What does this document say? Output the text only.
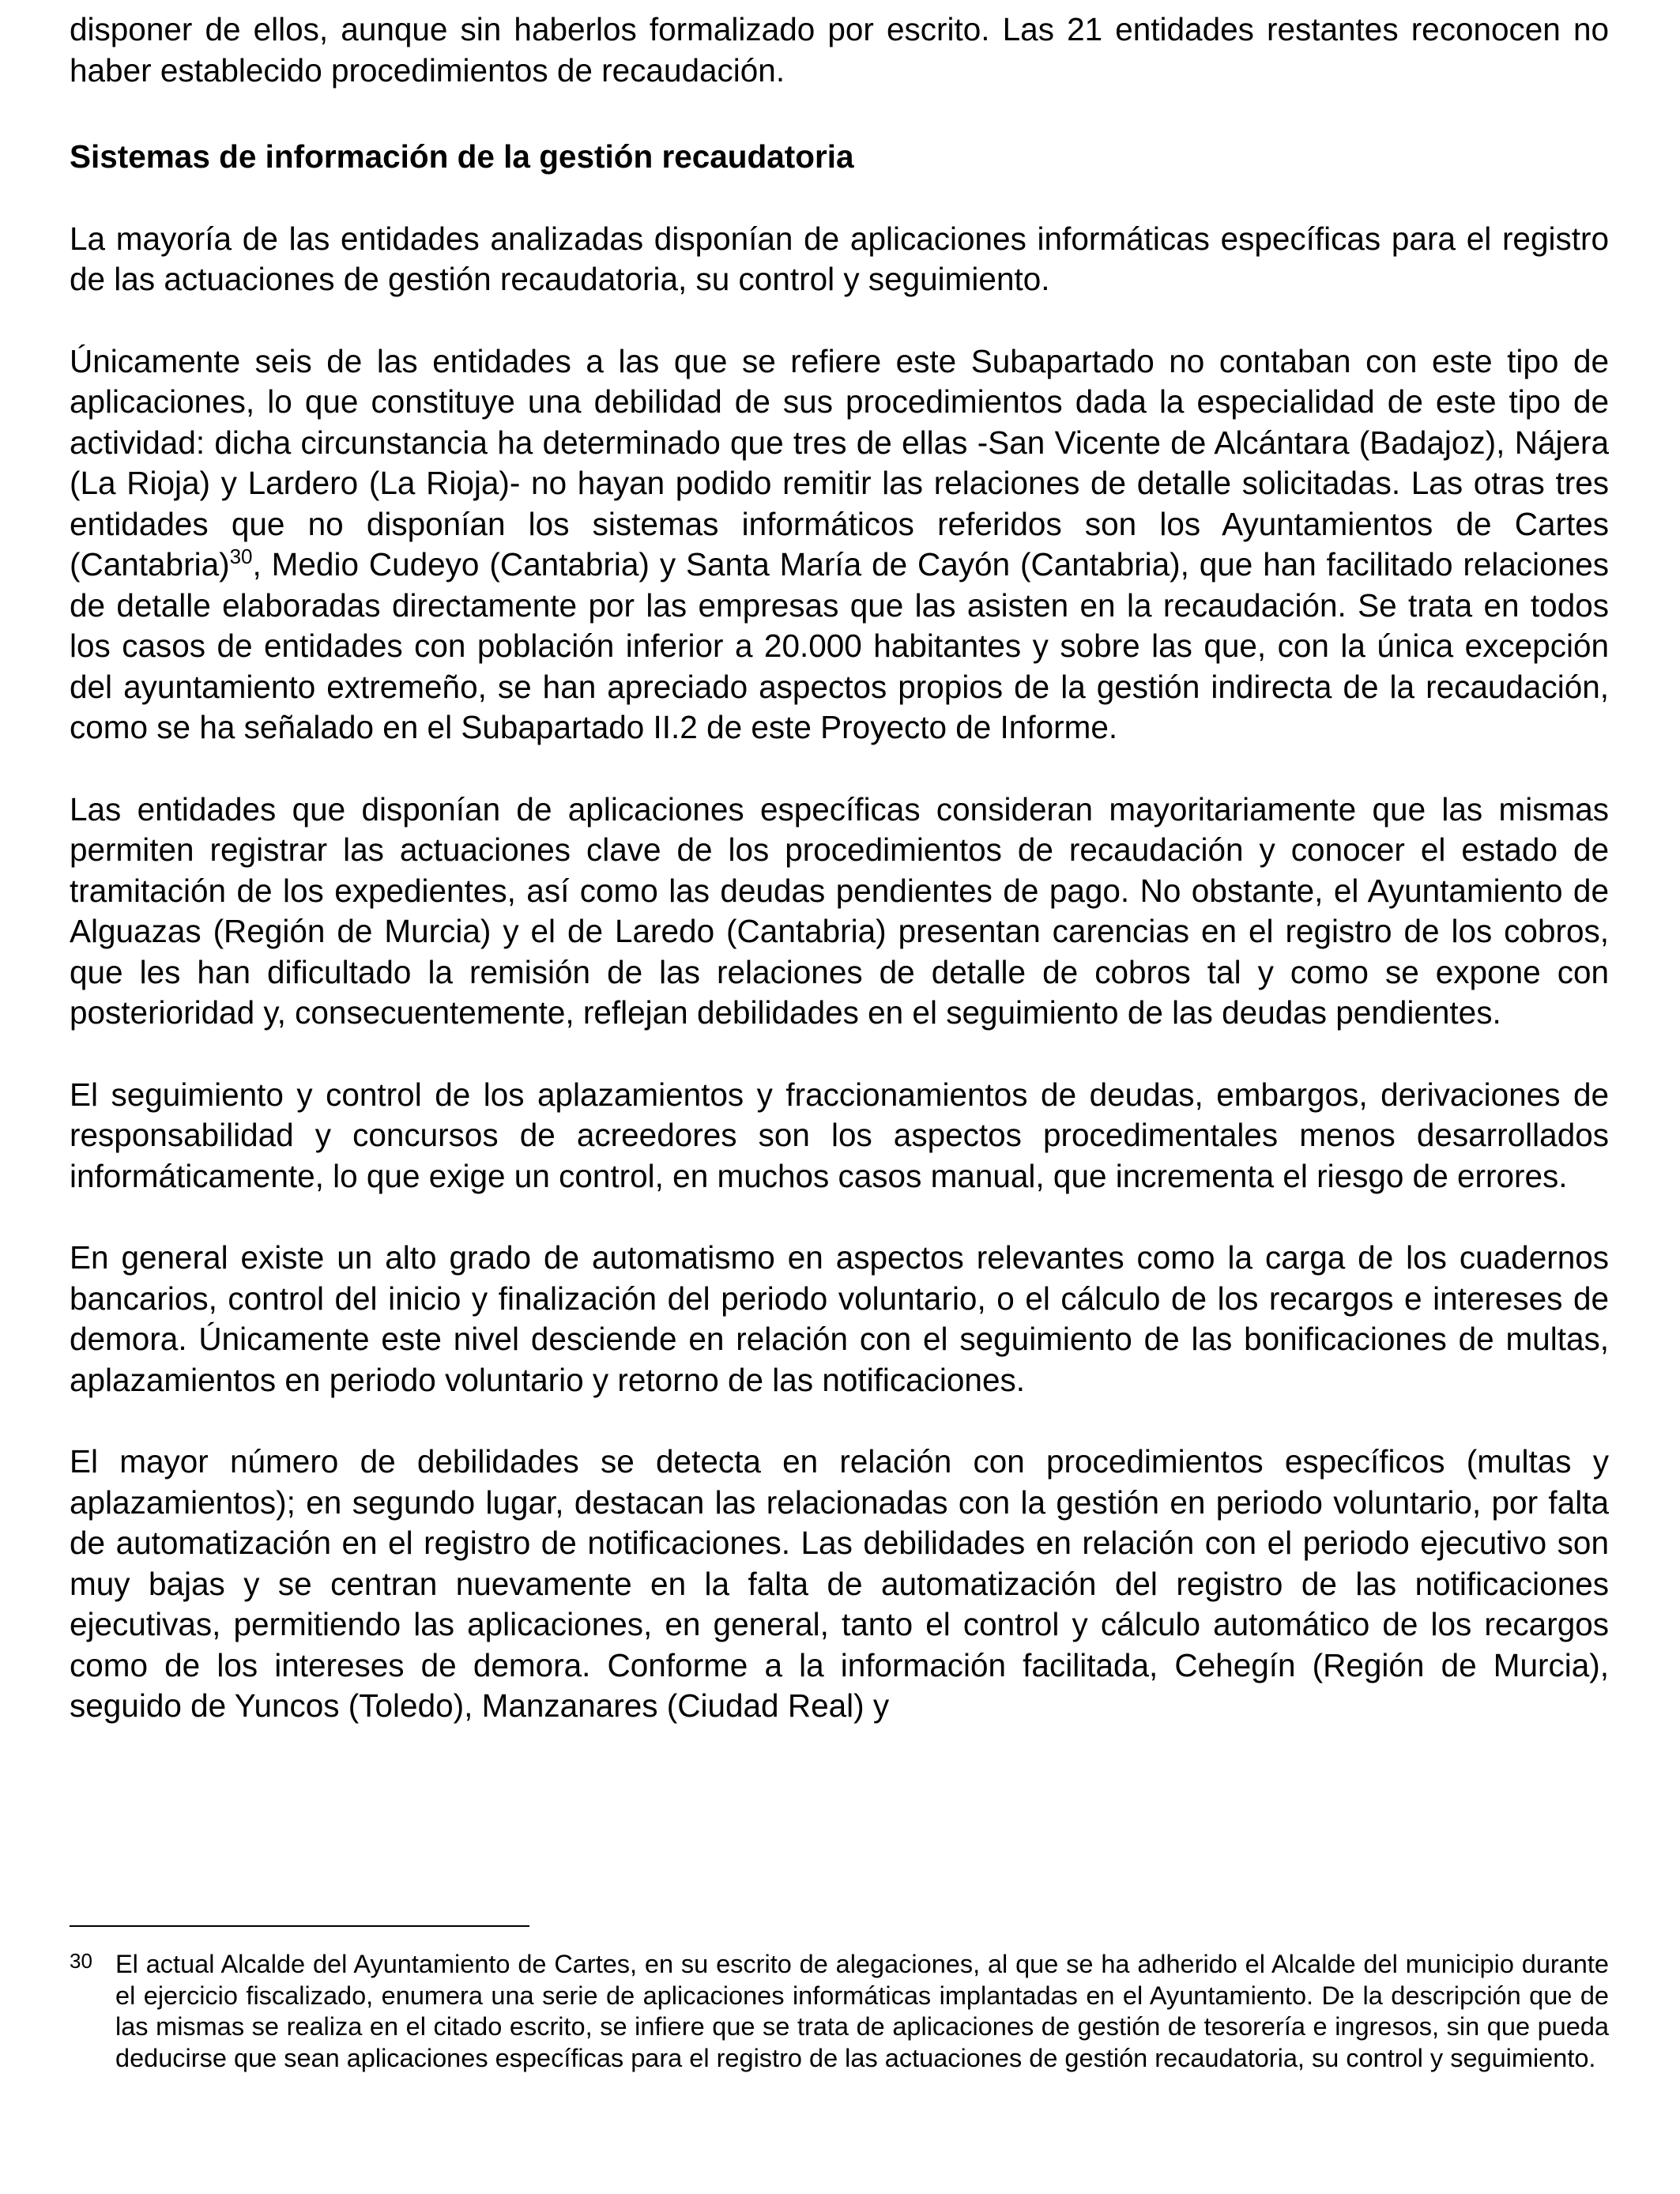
disponer de ellos, aunque sin haberlos formalizado por escrito. Las 21 entidades restantes reconocen no haber establecido procedimientos de recaudación.

Sistemas de información de la gestión recaudatoria

La mayoría de las entidades analizadas disponían de aplicaciones informáticas específicas para el registro de las actuaciones de gestión recaudatoria, su control y seguimiento.

Únicamente seis de las entidades a las que se refiere este Subapartado no contaban con este tipo de aplicaciones, lo que constituye una debilidad de sus procedimientos dada la especialidad de este tipo de actividad: dicha circunstancia ha determinado que tres de ellas -San Vicente de Alcántara (Badajoz), Nájera (La Rioja) y Lardero (La Rioja)- no hayan podido remitir las relaciones de detalle solicitadas. Las otras tres entidades que no disponían los sistemas informáticos referidos son los Ayuntamientos de Cartes (Cantabria)$^{30}$, Medio Cudeyo (Cantabria) y Santa María de Cayón (Cantabria), que han facilitado relaciones de detalle elaboradas directamente por las empresas que las asisten en la recaudación. Se trata en todos los casos de entidades con población inferior a 20.000 habitantes y sobre las que, con la única excepción del ayuntamiento extremeño, se han apreciado aspectos propios de la gestión indirecta de la recaudación, como se ha señalado en el Subapartado II.2 de este Proyecto de Informe.

Las entidades que disponían de aplicaciones específicas consideran mayoritariamente que las mismas permiten registrar las actuaciones clave de los procedimientos de recaudación y conocer el estado de tramitación de los expedientes, así como las deudas pendientes de pago. No obstante, el Ayuntamiento de Alguazas (Región de Murcia) y el de Laredo (Cantabria) presentan carencias en el registro de los cobros, que les han dificultado la remisión de las relaciones de detalle de cobros tal y como se expone con posterioridad y, consecuentemente, reflejan debilidades en el seguimiento de las deudas pendientes.

El seguimiento y control de los aplazamientos y fraccionamientos de deudas, embargos, derivaciones de responsabilidad y concursos de acreedores son los aspectos procedimentales menos desarrollados informáticamente, lo que exige un control, en muchos casos manual, que incrementa el riesgo de errores.

En general existe un alto grado de automatismo en aspectos relevantes como la carga de los cuadernos bancarios, control del inicio y finalización del periodo voluntario, o el cálculo de los recargos e intereses de demora. Únicamente este nivel desciende en relación con el seguimiento de las bonificaciones de multas, aplazamientos en periodo voluntario y retorno de las notificaciones.

El mayor número de debilidades se detecta en relación con procedimientos específicos (multas y aplazamientos); en segundo lugar, destacan las relacionadas con la gestión en periodo voluntario, por falta de automatización en el registro de notificaciones. Las debilidades en relación con el periodo ejecutivo son muy bajas y se centran nuevamente en la falta de automatización del registro de las notificaciones ejecutivas, permitiendo las aplicaciones, en general, tanto el control y cálculo automático de los recargos como de los intereses de demora. Conforme a la información facilitada, Cehegín (Región de Murcia), seguido de Yuncos (Toledo), Manzanares (Ciudad Real) y

30 El actual Alcalde del Ayuntamiento de Cartes, en su escrito de alegaciones, al que se ha adherido el Alcalde del municipio durante el ejercicio fiscalizado, enumera una serie de aplicaciones informáticas implantadas en el Ayuntamiento. De la descripción que de las mismas se realiza en el citado escrito, se infiere que se trata de aplicaciones de gestión de tesorería e ingresos, sin que pueda deducirse que sean aplicaciones específicas para el registro de las actuaciones de gestión recaudatoria, su control y seguimiento.
